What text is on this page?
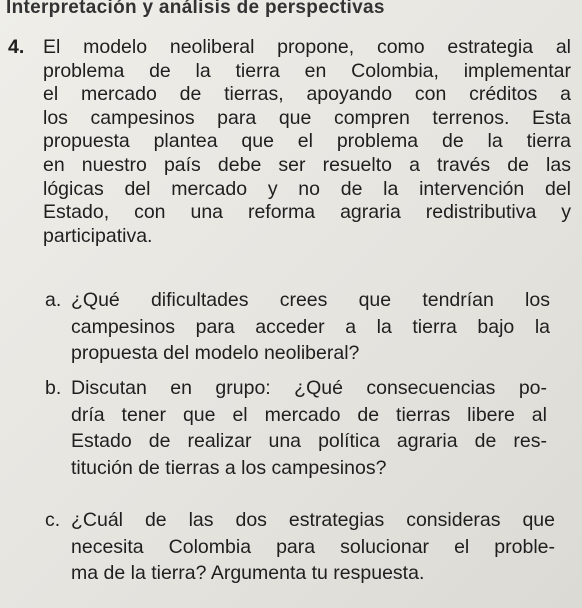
Interpretación y análisis de perspectivas
4. El modelo neoliberal propone, como estrategia al
problema de la tierra en Colombia, implementar
el mercado de tierras, apoyando con créditos a
los campesinos para que compren terrenos. Esta
propuesta plantea que el problema de la tierra
en nuestro país debe ser resuelto a través de las
lógicas del mercado y no de la intervención del
Estado, con una reforma agraria redistributiva y
participativa.
a. ¿Qué dificultades crees que tendrían los
campesinos para acceder a la tierra bajo la
propuesta del modelo neoliberal?
b. Discutan en grupo: ¿Qué consecuencias po-
dría tener que el mercado de tierras libere al
Estado de realizar una política agraria de res-
titución de tierras a los campesinos?
c. ¿Cuál de las dos estrategias consideras que
necesita Colombia para solucionar el proble-
ma de la tierra? Argumenta tu respuesta.
